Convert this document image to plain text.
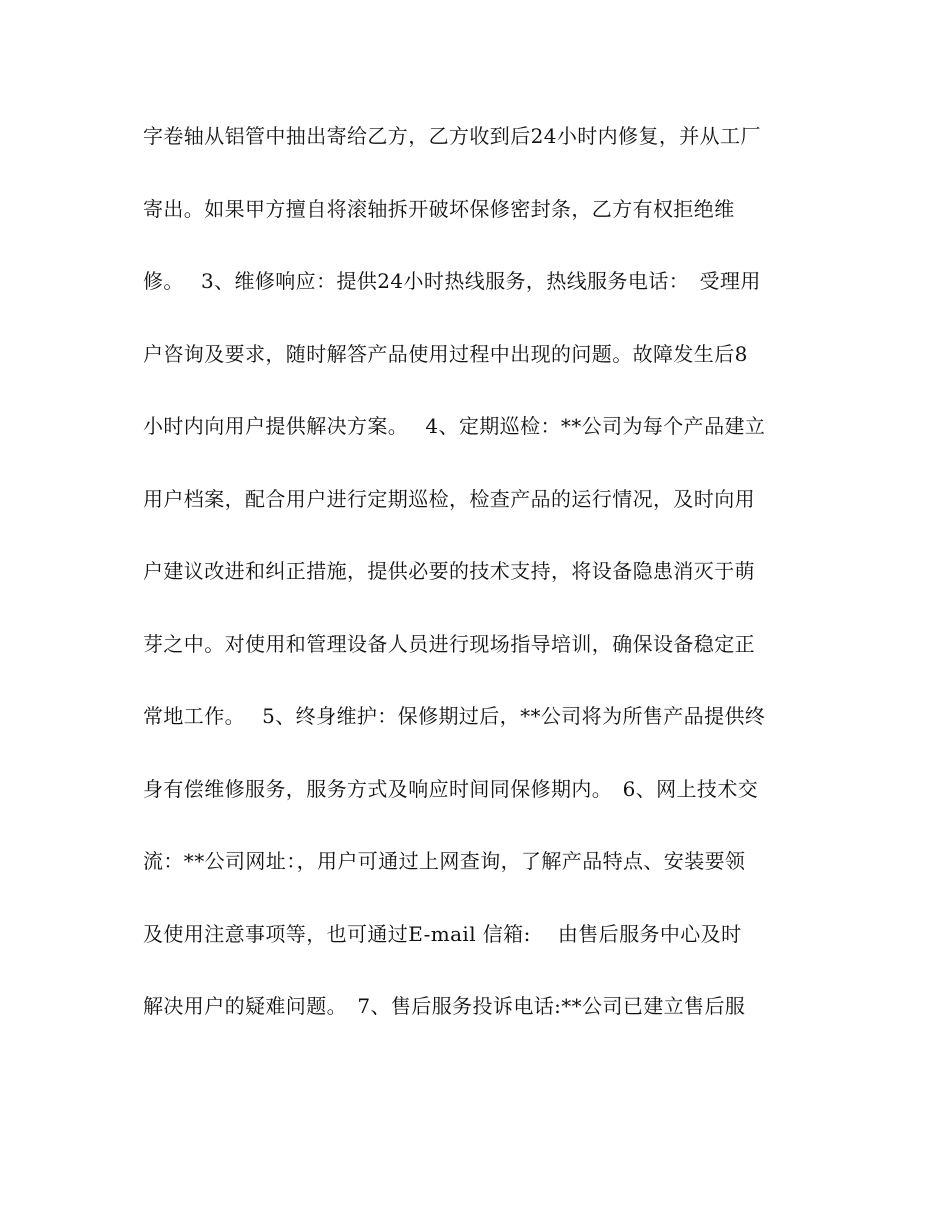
字卷轴从铝管中抽出寄给乙方，乙方收到后24小时内修复，并从工厂
寄出。如果甲方擅自将滚轴拆开破坏保修密封条，乙方有权拒绝维
修。　 3、维修响应：提供24小时热线服务，热线服务电话：　受理用
户咨询及要求，随时解答产品使用过程中出现的问题。故障发生后8
小时内向用户提供解决方案。　 4、定期巡检：**公司为每个产品建立
用户档案，配合用户进行定期巡检，检查产品的运行情况，及时向用
户建议改进和纠正措施，提供必要的技术支持，将设备隐患消灭于萌
芽之中。对使用和管理设备人员进行现场指导培训，确保设备稳定正
常地工作。　 5、终身维护：保修期过后，**公司将为所售产品提供终
身有偿维修服务，服务方式及响应时间同保修期内。　6、网上技术交
流：**公司网址：，用户可通过上网查询，了解产品特点、安装要领
及使用注意事项等，也可通过E-mail 信箱:　 由售后服务中心及时
解决用户的疑难问题。　7、售后服务投诉电话:**公司已建立售后服
